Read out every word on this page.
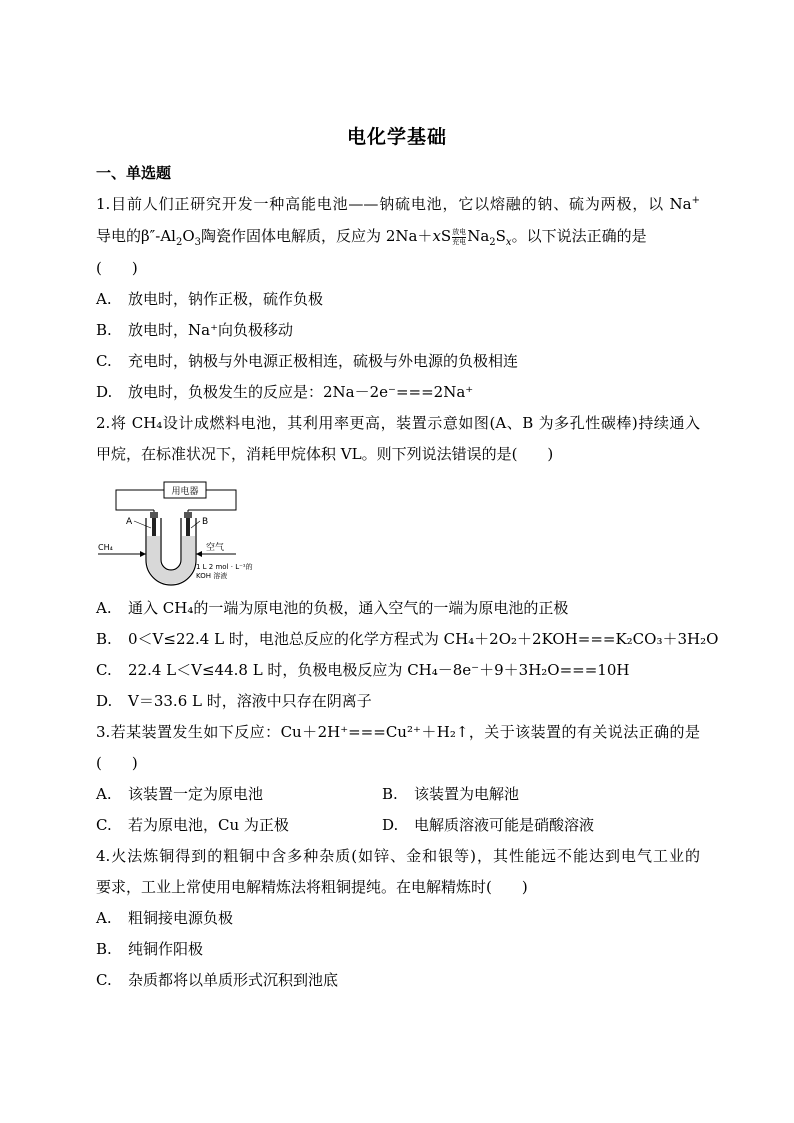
电化学基础
一、单选题
1.目前人们正研究开发一种高能电池——钠硫电池，它以熔融的钠、硫为两极，以 Na+
导电的$\beta''-Al_2O_3$陶瓷作固体电解质，反应为 $2Na+xS \frac{\text{放电}}{\text{充电}} Na_2S_x$。以下说法正确的是
(　　)
A. 放电时，钠作正极，硫作负极
B. 放电时，Na⁺向负极移动
C. 充电时，钠极与外电源正极相连，硫极与外电源的负极相连
D. 放电时，负极发生的反应是：2Na－2e⁻===2Na⁺
2.将 CH₄设计成燃料电池，其利用率更高，装置示意如图(A、B 为多孔性碳棒)持续通入
甲烷，在标准状况下，消耗甲烷体积 VL。则下列说法错误的是(　　)
用电器
A	B
CH₄	空气
1 L 2 mol · L⁻¹的
KOH 溶液
A. 通入 CH₄的一端为原电池的负极，通入空气的一端为原电池的正极
B. 0＜V≤22.4 L 时，电池总反应的化学方程式为 CH₄＋2O₂＋2KOH===K₂CO₃＋3H₂O
C. 22.4 L＜V≤44.8 L 时，负极电极反应为 CH₄－8e⁻＋9＋3H₂O===10H
D. V＝33.6 L 时，溶液中只存在阴离子
3.若某装置发生如下反应：Cu＋2H⁺===Cu²⁺＋H₂↑，关于该装置的有关说法正确的是
(　　)
A. 该装置一定为原电池	B. 该装置为电解池
C. 若为原电池，Cu 为正极	D. 电解质溶液可能是硝酸溶液
4.火法炼铜得到的粗铜中含多种杂质(如锌、金和银等)，其性能远不能达到电气工业的
要求，工业上常使用电解精炼法将粗铜提纯。在电解精炼时(　　)
A. 粗铜接电源负极
B. 纯铜作阳极
C. 杂质都将以单质形式沉积到池底
